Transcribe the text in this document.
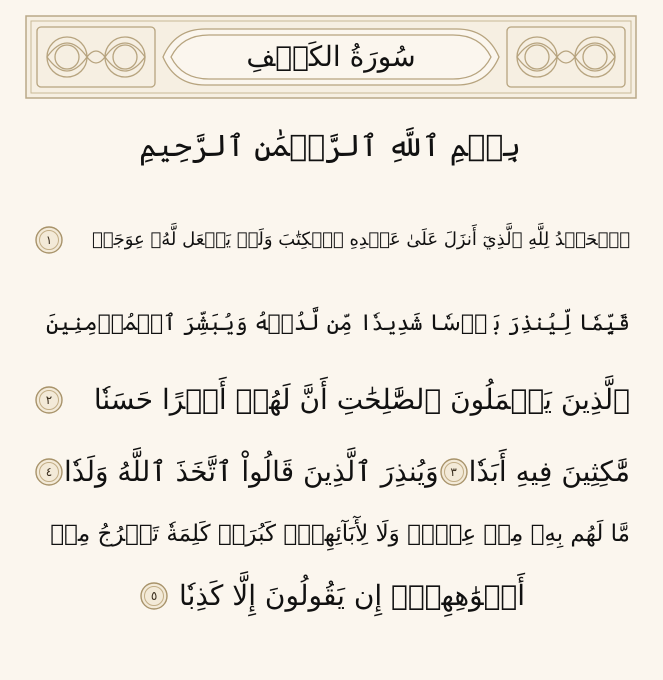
سُورَةُ الكَهۡفِ
بِسۡمِ ٱللَّهِ ٱلرَّحۡمَٰنِ ٱلرَّحِيمِ
ٱلۡحَمۡدُ لِلَّهِ ٱلَّذِيٓ أَنزَلَ عَلَىٰ عَبۡدِهِ ٱلۡكِتَٰبَ وَلَمۡ يَجۡعَل لَّهُۥ عِوَجَاۜ
١
قَيِّمٗا لِّيُنذِرَ بَأۡسٗا شَدِيدٗا مِّن لَّدُنۡهُ وَيُبَشِّرَ ٱلۡمُؤۡمِنِينَ
ٱلَّذِينَ يَعۡمَلُونَ ٱلصَّٰلِحَٰتِ أَنَّ لَهُمۡ أَجۡرًا حَسَنٗا
٢
مَّٰكِثِينَ فِيهِ أَبَدٗا
٣
وَيُنذِرَ ٱلَّذِينَ قَالُواْ ٱتَّخَذَ ٱللَّهُ وَلَدٗا
٤
مَّا لَهُم بِهِۦ مِنۡ عِلۡمٖ وَلَا لِأٓبَآئِهِمۡۚ كَبُرَتۡ كَلِمَةٗ تَخۡرُجُ مِنۡ
أَفۡوَٰهِهِمۡۚ إِن يَقُولُونَ إِلَّا كَذِبٗا
٥
